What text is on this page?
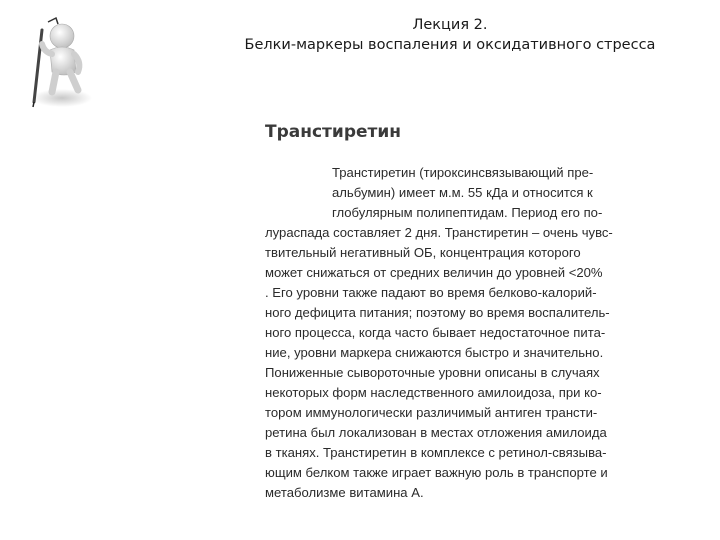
Лекция 2.
Белки-маркеры воспаления и оксидативного стресса
Транстиретин
Транстиретин (тироксинсвязывающий пре-
альбумин) имеет м.м. 55 кДа и относится к
глобулярным полипептидам. Период его по-
лураспада составляет 2 дня. Транстиретин – очень чувс-
твительный негативный ОБ, концентрация которого
может снижаться от средних величин до уровней <20%
. Его уровни также падают во время белково-калорий-
ного дефицита питания; поэтому во время воспалитель-
ного процесса, когда часто бывает недостаточное пита-
ние, уровни маркера снижаются быстро и значительно.
Пониженные сывороточные уровни описаны в случаях
некоторых форм наследственного амилоидоза, при ко-
тором иммунологически различимый антиген трансти-
ретина был локализован в местах отложения амилоида
в тканях. Транстиретин в комплексе с ретинол-связыва-
ющим белком также играет важную роль в транспорте и
метаболизме витамина А.
